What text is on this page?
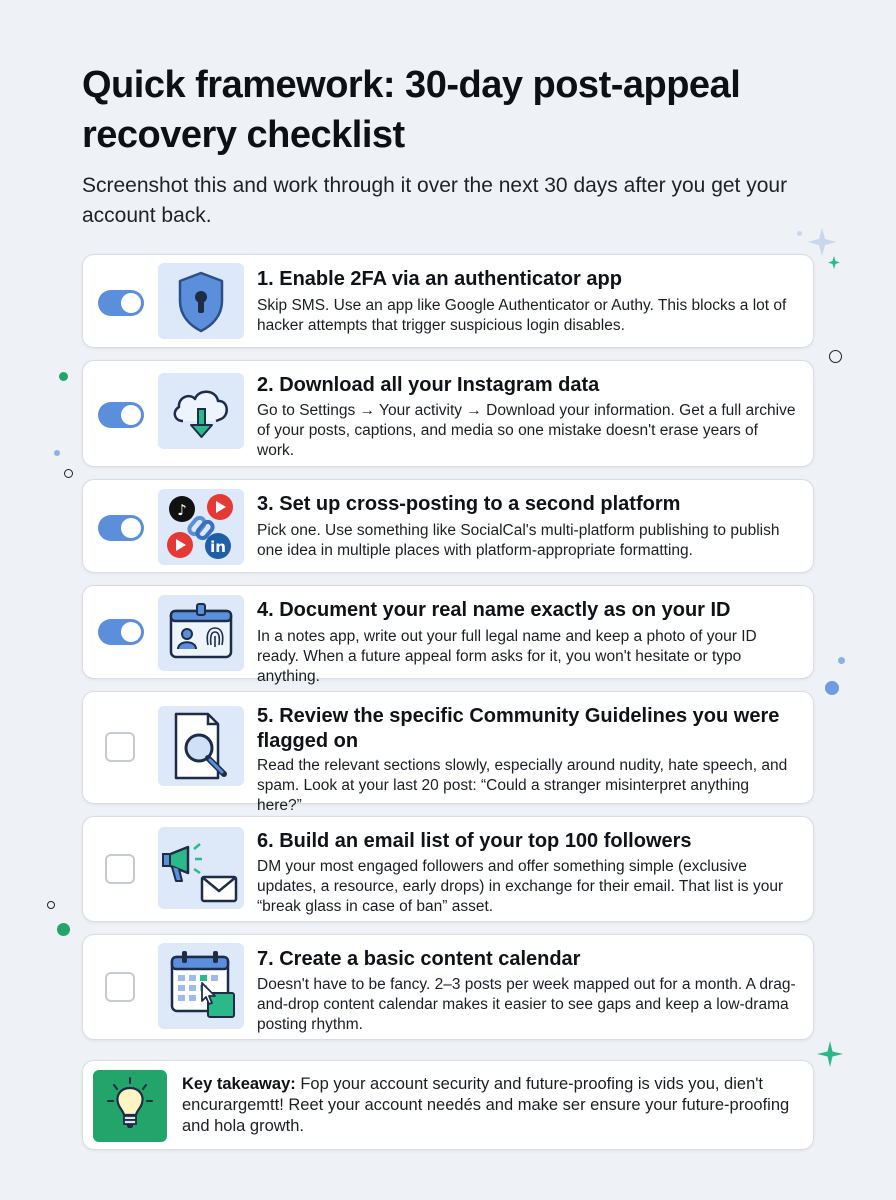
Quick framework: 30-day post-appeal recovery checklist

Screenshot this and work through it over the next 30 days after you get your account back.

1. Enable 2FA via an authenticator app
Skip SMS. Use an app like Google Authenticator or Authy. This blocks a lot of hacker attempts that trigger suspicious login disables.
2. Download all your Instagram data
Go to Settings → Your activity → Download your information. Get a full archive of your posts, captions, and media so one mistake doesn't erase years of work.
♪
in
3. Set up cross-posting to a second platform
Pick one. Use something like SocialCal's multi-platform publishing to publish one idea in multiple places with platform-appropriate formatting.
4. Document your real name exactly as on your ID
In a notes app, write out your full legal name and keep a photo of your ID ready. When a future appeal form asks for it, you won't hesitate or typo anything.
5. Review the specific Community Guidelines you were flagged on
Read the relevant sections slowly, especially around nudity, hate speech, and spam. Look at your last 20 post: “Could a stranger misinterpret anything here?”
6. Build an email list of your top 100 followers
DM your most engaged followers and offer something simple (exclusive updates, a resource, early drops) in exchange for their email. That list is your “break glass in case of ban” asset.
7. Create a basic content calendar
Doesn't have to be fancy. 2–3 posts per week mapped out for a month. A drag-and-drop content calendar makes it easier to see gaps and keep a low-drama posting rhythm.
Key takeaway: Fop your account security and future-proofing is vids you, dien't encurargemtt! Reet your account needés and make ser ensure your future-proofing and hola growth.
